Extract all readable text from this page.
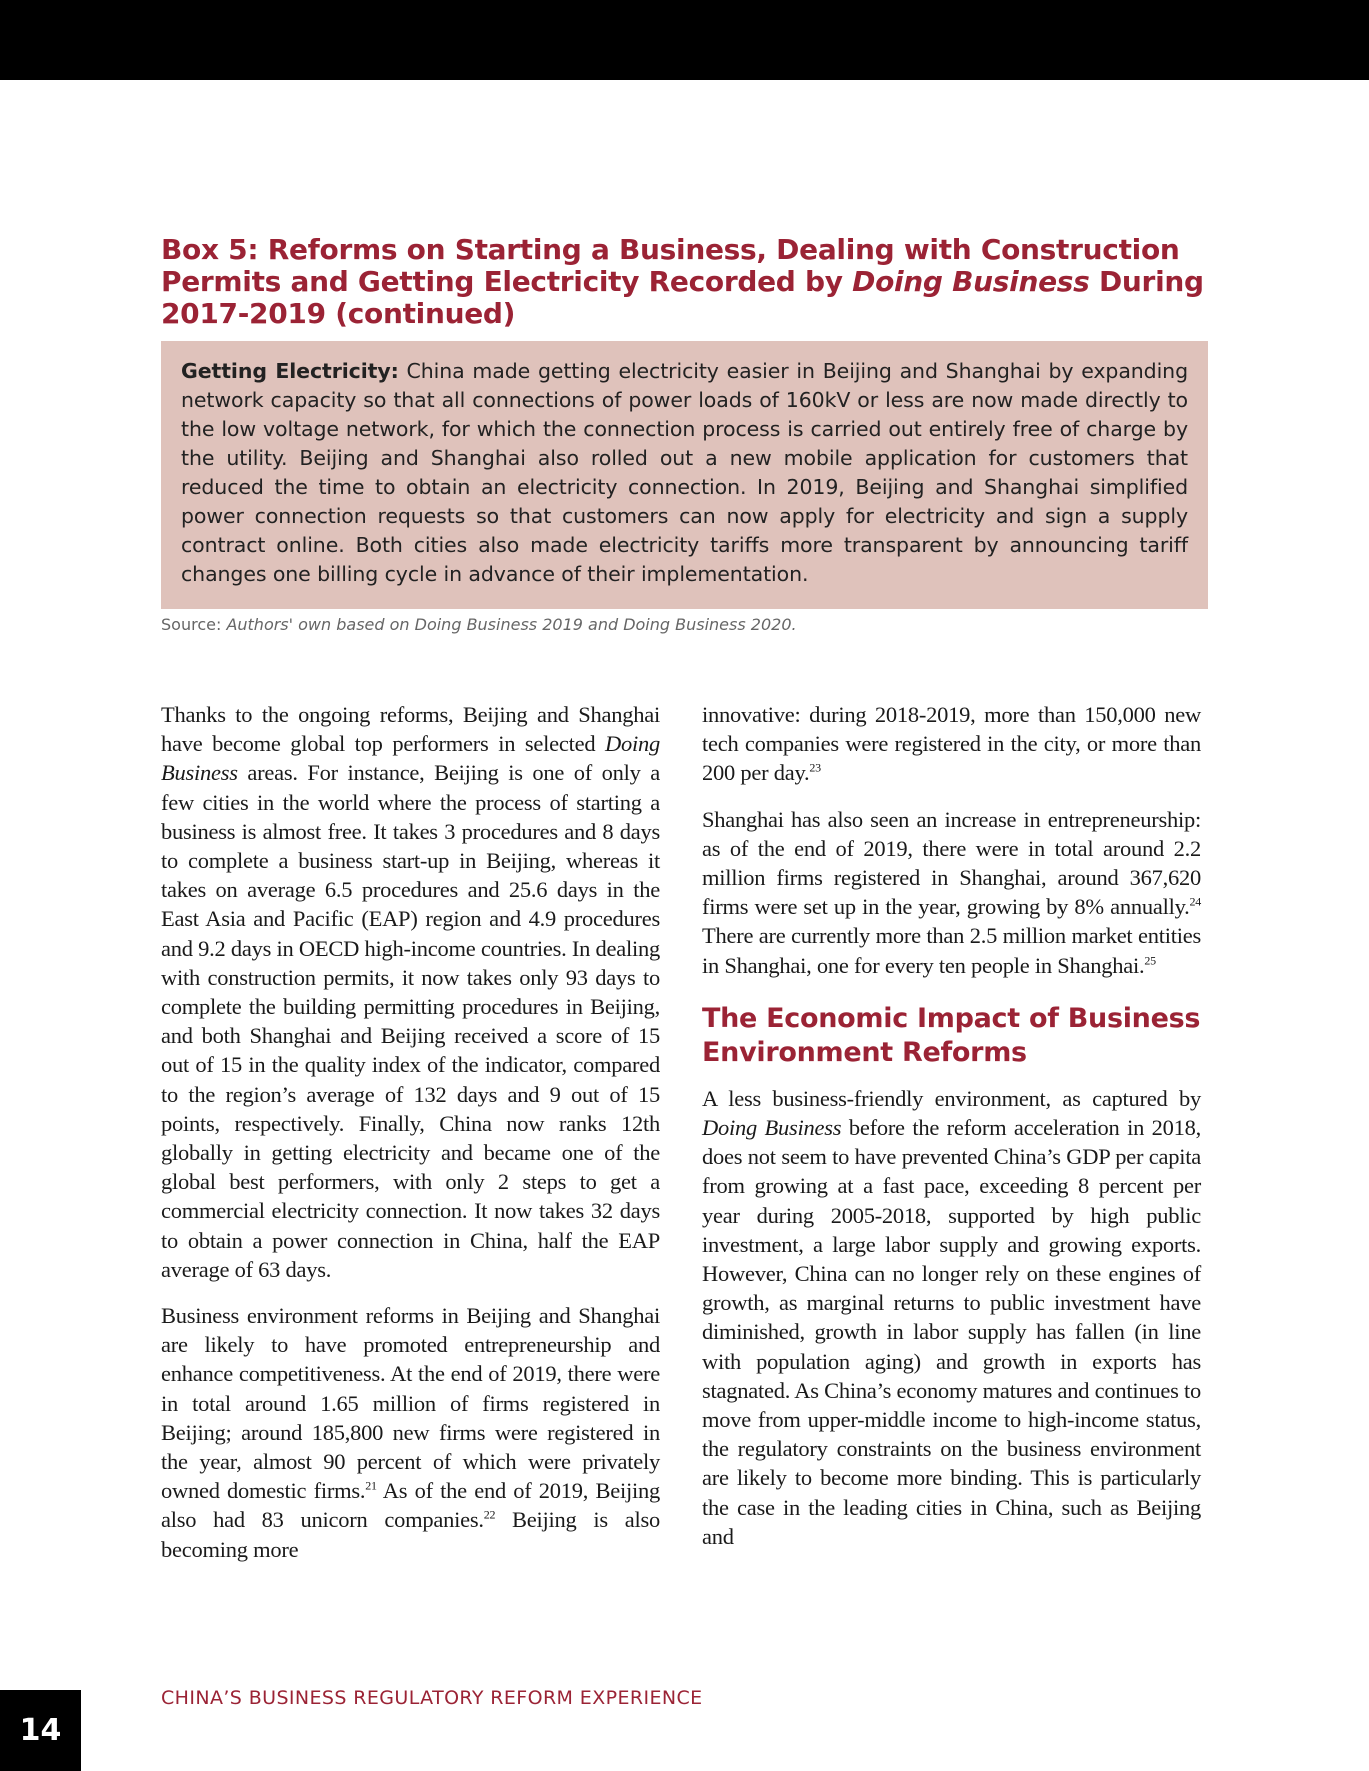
Box 5: Reforms on Starting a Business, Dealing with Construction Permits and Getting Electricity Recorded by Doing Business During 2017-2019 (continued)

Getting Electricity: China made getting electricity easier in Beijing and Shanghai by expanding network capacity so that all connections of power loads of 160kV or less are now made directly to the low voltage network, for which the connection process is carried out entirely free of charge by the utility. Beijing and Shanghai also rolled out a new mobile application for customers that reduced the time to obtain an electricity connection. In 2019, Beijing and Shanghai simplified power connection requests so that customers can now apply for electricity and sign a supply contract online. Both cities also made electricity tariffs more transparent by announcing tariff changes one billing cycle in advance of their implementation.

Source: Authors' own based on Doing Business 2019 and Doing Business 2020.

Thanks to the ongoing reforms, Beijing and Shanghai have become global top performers in selected Doing Business areas. For instance, Beijing is one of only a few cities in the world where the process of starting a business is almost free. It takes 3 procedures and 8 days to complete a business start-up in Beijing, whereas it takes on average 6.5 procedures and 25.6 days in the East Asia and Pacific (EAP) region and 4.9 procedures and 9.2 days in OECD high-income countries. In dealing with construction permits, it now takes only 93 days to complete the building permitting procedures in Beijing, and both Shanghai and Beijing received a score of 15 out of 15 in the quality index of the indicator, compared to the region’s average of 132 days and 9 out of 15 points, respectively. Finally, China now ranks 12th globally in getting electricity and became one of the global best performers, with only 2 steps to get a commercial electricity connection. It now takes 32 days to obtain a power connection in China, half the EAP average of 63 days.

Business environment reforms in Beijing and Shanghai are likely to have promoted entrepreneurship and enhance competitiveness. At the end of 2019, there were in total around 1.65 million of firms registered in Beijing; around 185,800 new firms were registered in the year, almost 90 percent of which were privately owned domestic firms.$^{21}$ As of the end of 2019, Beijing also had 83 unicorn companies.$^{22}$ Beijing is also becoming more

innovative: during 2018-2019, more than 150,000 new tech companies were registered in the city, or more than 200 per day.$^{23}$

Shanghai has also seen an increase in entrepreneurship: as of the end of 2019, there were in total around 2.2 million firms registered in Shanghai, around 367,620 firms were set up in the year, growing by 8% annually.$^{24}$ There are currently more than 2.5 million market entities in Shanghai, one for every ten people in Shanghai.$^{25}$

The Economic Impact of Business Environment Reforms

A less business-friendly environment, as captured by Doing Business before the reform acceleration in 2018, does not seem to have prevented China’s GDP per capita from growing at a fast pace, exceeding 8 percent per year during 2005-2018, supported by high public investment, a large labor supply and growing exports. However, China can no longer rely on these engines of growth, as marginal returns to public investment have diminished, growth in labor supply has fallen (in line with population aging) and growth in exports has stagnated. As China’s economy matures and continues to move from upper-middle income to high-income status, the regulatory constraints on the business environment are likely to become more binding. This is particularly the case in the leading cities in China, such as Beijing and

CHINA’S BUSINESS REGULATORY REFORM EXPERIENCE

14
